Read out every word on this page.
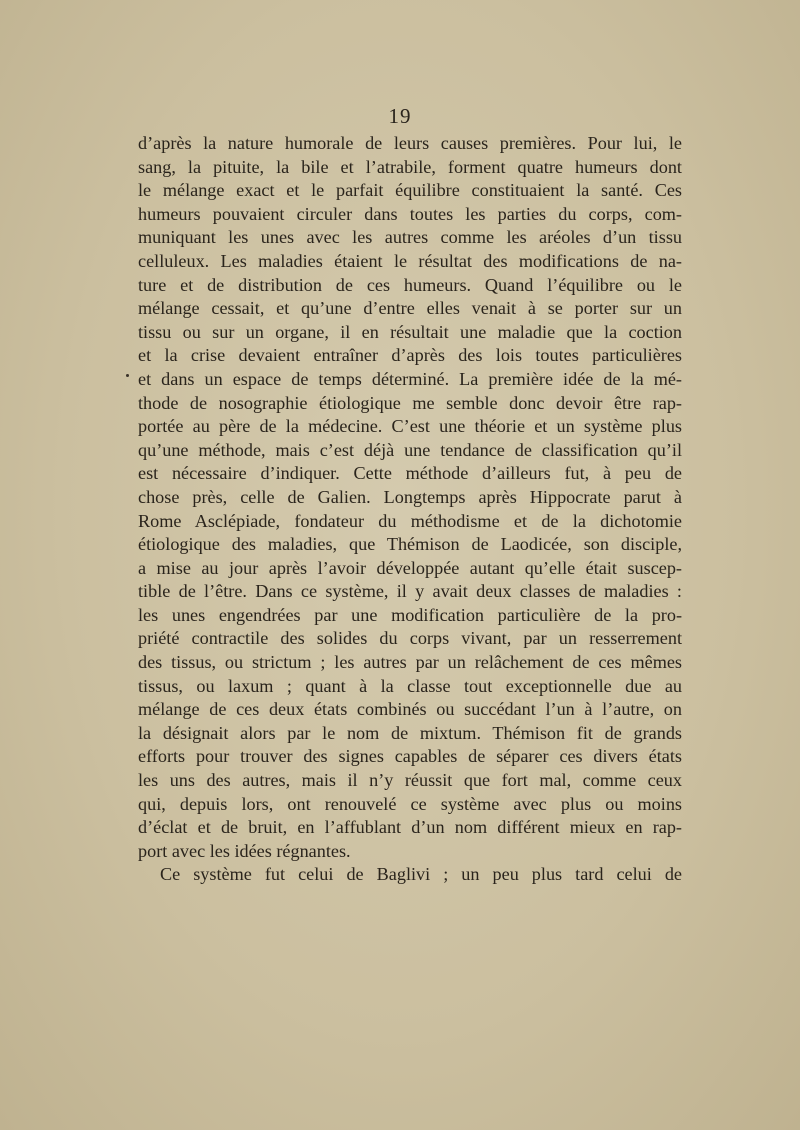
19
d’après la nature humorale de leurs causes premières. Pour lui, le
sang, la pituite, la bile et l’atrabile, forment quatre humeurs dont
le mélange exact et le parfait équilibre constituaient la santé. Ces
humeurs pouvaient circuler dans toutes les parties du corps, com-
muniquant les unes avec les autres comme les aréoles d’un tissu
celluleux. Les maladies étaient le résultat des modifications de na-
ture et de distribution de ces humeurs. Quand l’équilibre ou le
mélange cessait, et qu’une d’entre elles venait à se porter sur un
tissu ou sur un organe, il en résultait une maladie que la coction
et la crise devaient entraîner d’après des lois toutes particulières
et dans un espace de temps déterminé. La première idée de la mé-
thode de nosographie étiologique me semble donc devoir être rap-
portée au père de la médecine. C’est une théorie et un système plus
qu’une méthode, mais c’est déjà une tendance de classification qu’il
est nécessaire d’indiquer. Cette méthode d’ailleurs fut, à peu de
chose près, celle de Galien. Longtemps après Hippocrate parut à
Rome Asclépiade, fondateur du méthodisme et de la dichotomie
étiologique des maladies, que Thémison de Laodicée, son disciple,
a mise au jour après l’avoir développée autant qu’elle était suscep-
tible de l’être. Dans ce système, il y avait deux classes de maladies :
les unes engendrées par une modification particulière de la pro-
priété contractile des solides du corps vivant, par un resserrement
des tissus, ou strictum ; les autres par un relâchement de ces mêmes
tissus, ou laxum ; quant à la classe tout exceptionnelle due au
mélange de ces deux états combinés ou succédant l’un à l’autre, on
la désignait alors par le nom de mixtum. Thémison fit de grands
efforts pour trouver des signes capables de séparer ces divers états
les uns des autres, mais il n’y réussit que fort mal, comme ceux
qui, depuis lors, ont renouvelé ce système avec plus ou moins
d’éclat et de bruit, en l’affublant d’un nom différent mieux en rap-
port avec les idées régnantes.
Ce système fut celui de Baglivi ; un peu plus tard celui de
